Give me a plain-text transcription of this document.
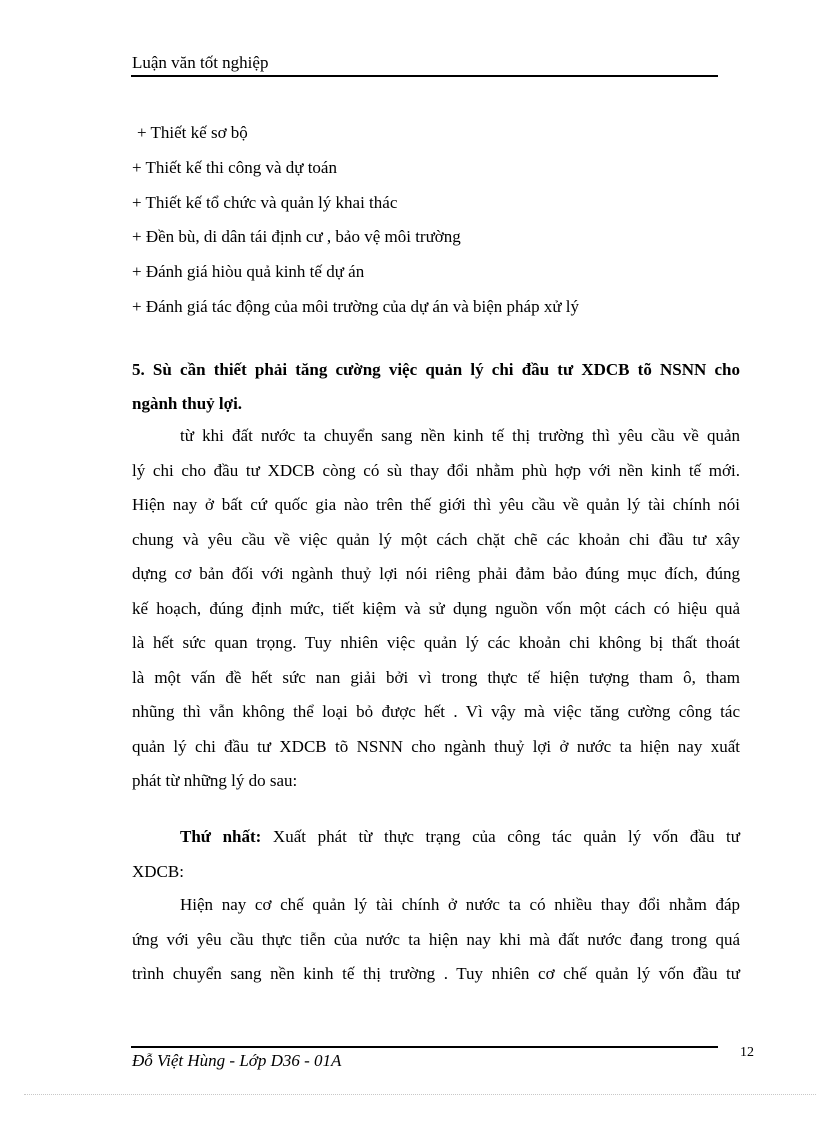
Luận văn tốt nghiệp
+ Thiết kế sơ bộ
+ Thiết kế thi công và dự toán
+ Thiết kế tổ chức và quản lý khai thác
+ Đền bù, di dân tái định cư , bảo vệ môi trường
+ Đánh giá hiòu quả kinh tế dự án
+ Đánh giá tác động của môi trường của dự án và biện pháp xử lý
5. Sù cần thiết phải tăng cường việc quản lý chi đầu tư XDCB tõ NSNN cho
ngành thuỷ lợi.
từ khi đất nước ta chuyển sang nền kinh tế thị trường thì yêu cầu về quản
lý chi cho đầu tư XDCB còng có sù thay đổi nhằm phù hợp với nền kinh tế mới.
Hiện nay ở bất cứ quốc gia nào trên thế giới thì yêu cầu về quản lý tài chính nói
chung và yêu cầu về việc quản lý một cách chặt chẽ các khoản chi đầu tư xây
dựng cơ bản đối với ngành thuỷ lợi nói riêng phải đảm bảo đúng mục đích, đúng
kế hoạch, đúng định mức, tiết kiệm và sử dụng nguồn vốn một cách có hiệu quả
là hết sức quan trọng. Tuy nhiên việc quản lý các khoản chi không bị thất thoát
là một vấn đề hết sức nan giải bởi vì trong thực tế hiện tượng tham ô, tham
nhũng thì vẫn không thể loại bỏ được hết . Vì vậy mà việc tăng cường công tác
quản lý chi đầu tư XDCB tõ NSNN cho ngành thuỷ lợi ở nước ta hiện nay xuất
phát từ những lý do sau:
Thứ nhất: Xuất phát từ thực trạng của công tác quản lý vốn đầu tư
XDCB:
Hiện nay cơ chế quản lý tài chính ở nước ta có nhiều thay đổi nhằm đáp
ứng với yêu cầu thực tiễn của nước ta hiện nay khi mà đất nước đang trong quá
trình chuyển sang nền kinh tế thị trường . Tuy nhiên cơ chế quản lý vốn đầu tư
Đỗ Việt Hùng - Lớp D36 - 01A	12
